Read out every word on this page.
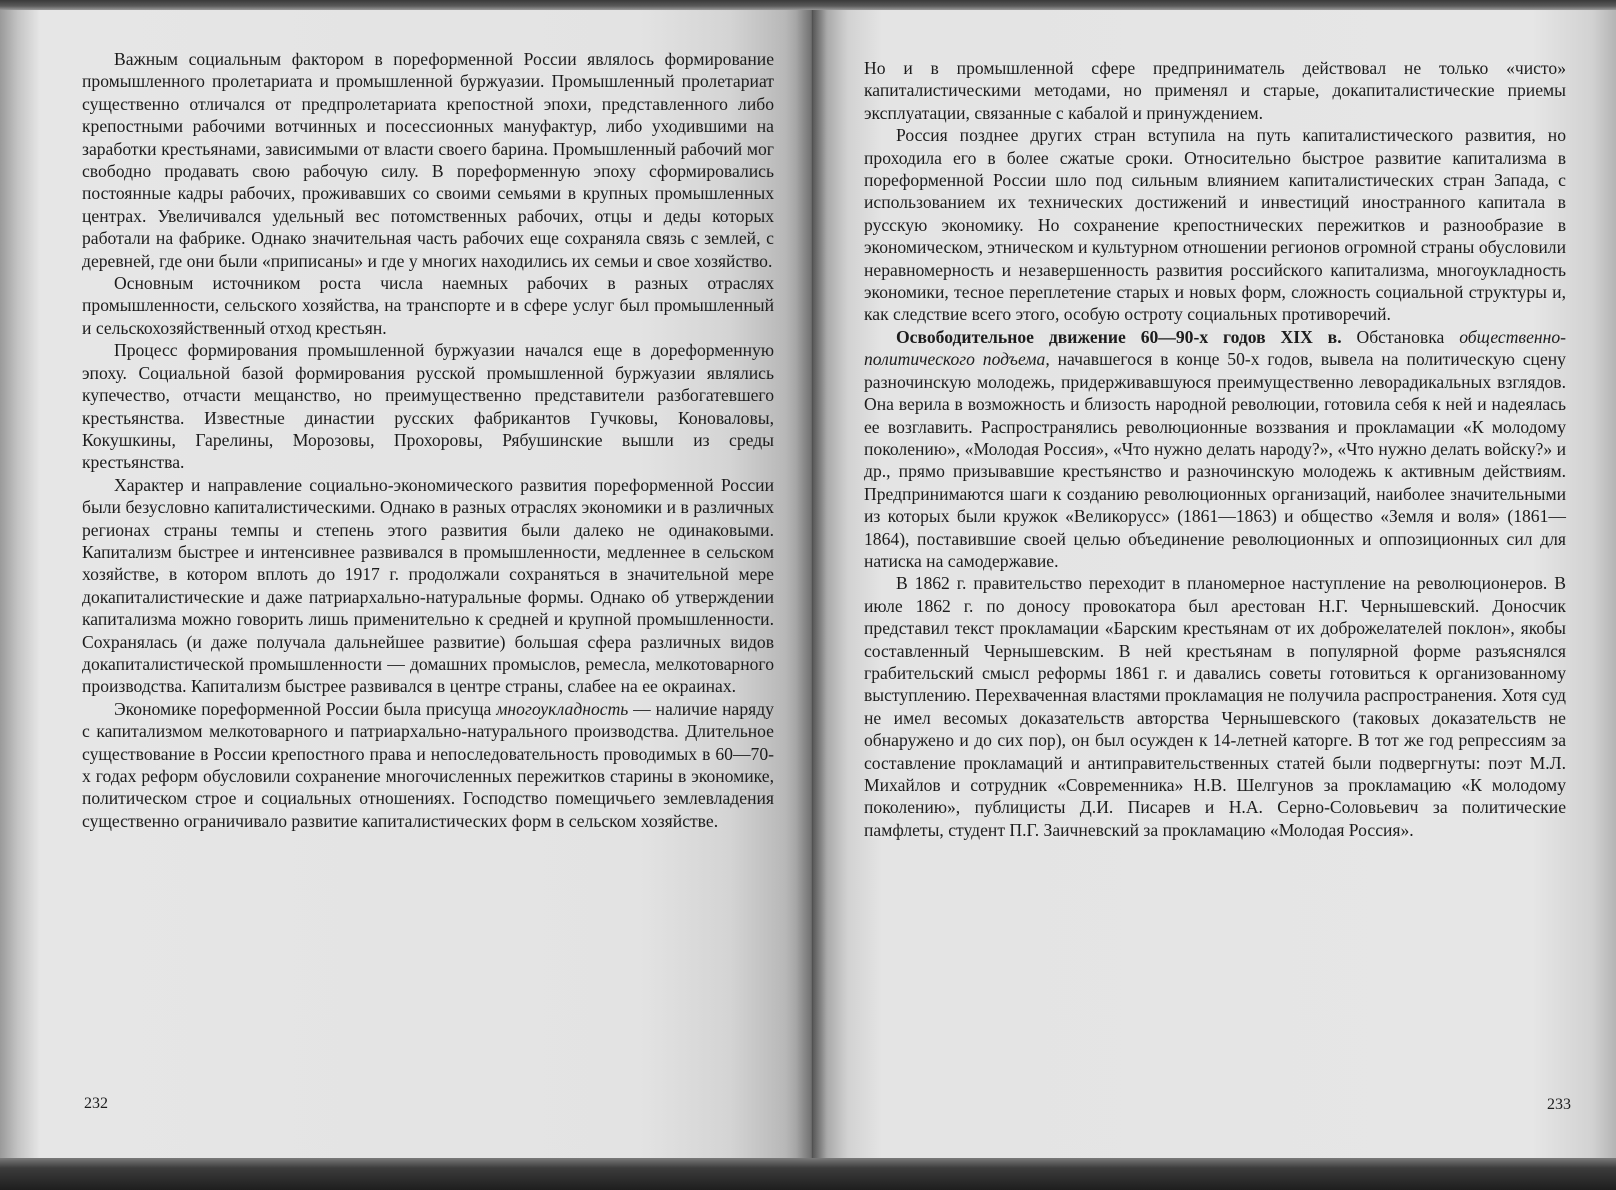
Важным социальным фактором в пореформенной России являлось формирование промышленного пролетариата и промышленной буржуазии. Промышленный пролетариат существенно отличался от предпролетариата крепостной эпохи, представленного либо крепостными рабочими вотчинных и посессионных мануфактур, либо уходившими на заработки крестьянами, зависимыми от власти своего барина. Промышленный рабочий мог свободно продавать свою рабочую силу. В пореформенную эпоху сформировались постоянные кадры рабочих, проживавших со своими семьями в крупных промышленных центрах. Увеличивался удельный вес потомственных рабочих, отцы и деды которых работали на фабрике. Однако значительная часть рабочих еще сохраняла связь с землей, с деревней, где они были «приписаны» и где у многих находились их семьи и свое хозяйство.

Основным источником роста числа наемных рабочих в разных отраслях промышленности, сельского хозяйства, на транспорте и в сфере услуг был промышленный и сельскохозяйственный отход крестьян.

Процесс формирования промышленной буржуазии начался еще в дореформенную эпоху. Социальной базой формирования русской промышленной буржуазии являлись купечество, отчасти мещанство, но преимущественно представители разбогатевшего крестьянства. Известные династии русских фабрикантов Гучковы, Коноваловы, Кокушкины, Гарелины, Морозовы, Прохоровы, Рябушинские вышли из среды крестьянства.

Характер и направление социально-экономического развития пореформенной России были безусловно капиталистическими. Однако в разных отраслях экономики и в различных регионах страны темпы и степень этого развития были далеко не одинаковыми. Капитализм быстрее и интенсивнее развивался в промышленности, медленнее в сельском хозяйстве, в котором вплоть до 1917 г. продолжали сохраняться в значительной мере докапиталистические и даже патриархально-натуральные формы. Однако об утверждении капитализма можно говорить лишь применительно к средней и крупной промышленности. Сохранялась (и даже получала дальнейшее развитие) большая сфера различных видов докапиталистической промышленности — домашних промыслов, ремесла, мелкотоварного производства. Капитализм быстрее развивался в центре страны, слабее на ее окраинах.

Экономике пореформенной России была присуща многоукладность — наличие наряду с капитализмом мелкотоварного и патриархально-натурального производства. Длительное существование в России крепостного права и непоследовательность проводимых в 60—70-х годах реформ обусловили сохранение многочисленных пережитков старины в экономике, политическом строе и социальных отношениях. Господство помещичьего землевладения существенно ограничивало развитие капиталистических форм в сельском хозяйстве.

232

Но и в промышленной сфере предприниматель действовал не только «чисто» капиталистическими методами, но применял и старые, докапиталистические приемы эксплуатации, связанные с кабалой и принуждением.

Россия позднее других стран вступила на путь капиталистического развития, но проходила его в более сжатые сроки. Относительно быстрое развитие капитализма в пореформенной России шло под сильным влиянием капиталистических стран Запада, с использованием их технических достижений и инвестиций иностранного капитала в русскую экономику. Но сохранение крепостнических пережитков и разнообразие в экономическом, этническом и культурном отношении регионов огромной страны обусловили неравномерность и незавершенность развития российского капитализма, многоукладность экономики, тесное переплетение старых и новых форм, сложность социальной структуры и, как следствие всего этого, особую остроту социальных противоречий.

Освободительное движение 60—90-х годов XIX в. Обстановка общественно-политического подъема, начавшегося в конце 50-х годов, вывела на политическую сцену разночинскую молодежь, придерживавшуюся преимущественно леворадикальных взглядов. Она верила в возможность и близость народной революции, готовила себя к ней и надеялась ее возглавить. Распространялись революционные воззвания и прокламации «К молодому поколению», «Молодая Россия», «Что нужно делать народу?», «Что нужно делать войску?» и др., прямо призывавшие крестьянство и разночинскую молодежь к активным действиям. Предпринимаются шаги к созданию революционных организаций, наиболее значительными из которых были кружок «Великорусс» (1861—1863) и общество «Земля и воля» (1861—1864), поставившие своей целью объединение революционных и оппозиционных сил для натиска на самодержавие.

В 1862 г. правительство переходит в планомерное наступление на революционеров. В июле 1862 г. по доносу провокатора был арестован Н.Г. Чернышевский. Доносчик представил текст прокламации «Барским крестьянам от их доброжелателей поклон», якобы составленный Чернышевским. В ней крестьянам в популярной форме разъяснялся грабительский смысл реформы 1861 г. и давались советы готовиться к организованному выступлению. Перехваченная властями прокламация не получила распространения. Хотя суд не имел весомых доказательств авторства Чернышевского (таковых доказательств не обнаружено и до сих пор), он был осужден к 14-летней каторге. В тот же год репрессиям за составление прокламаций и антиправительственных статей были подвергнуты: поэт М.Л. Михайлов и сотрудник «Современника» Н.В. Шелгунов за прокламацию «К молодому поколению», публицисты Д.И. Писарев и Н.А. Серно-Соловьевич за политические памфлеты, студент П.Г. Заичневский за прокламацию «Молодая Россия».

233
